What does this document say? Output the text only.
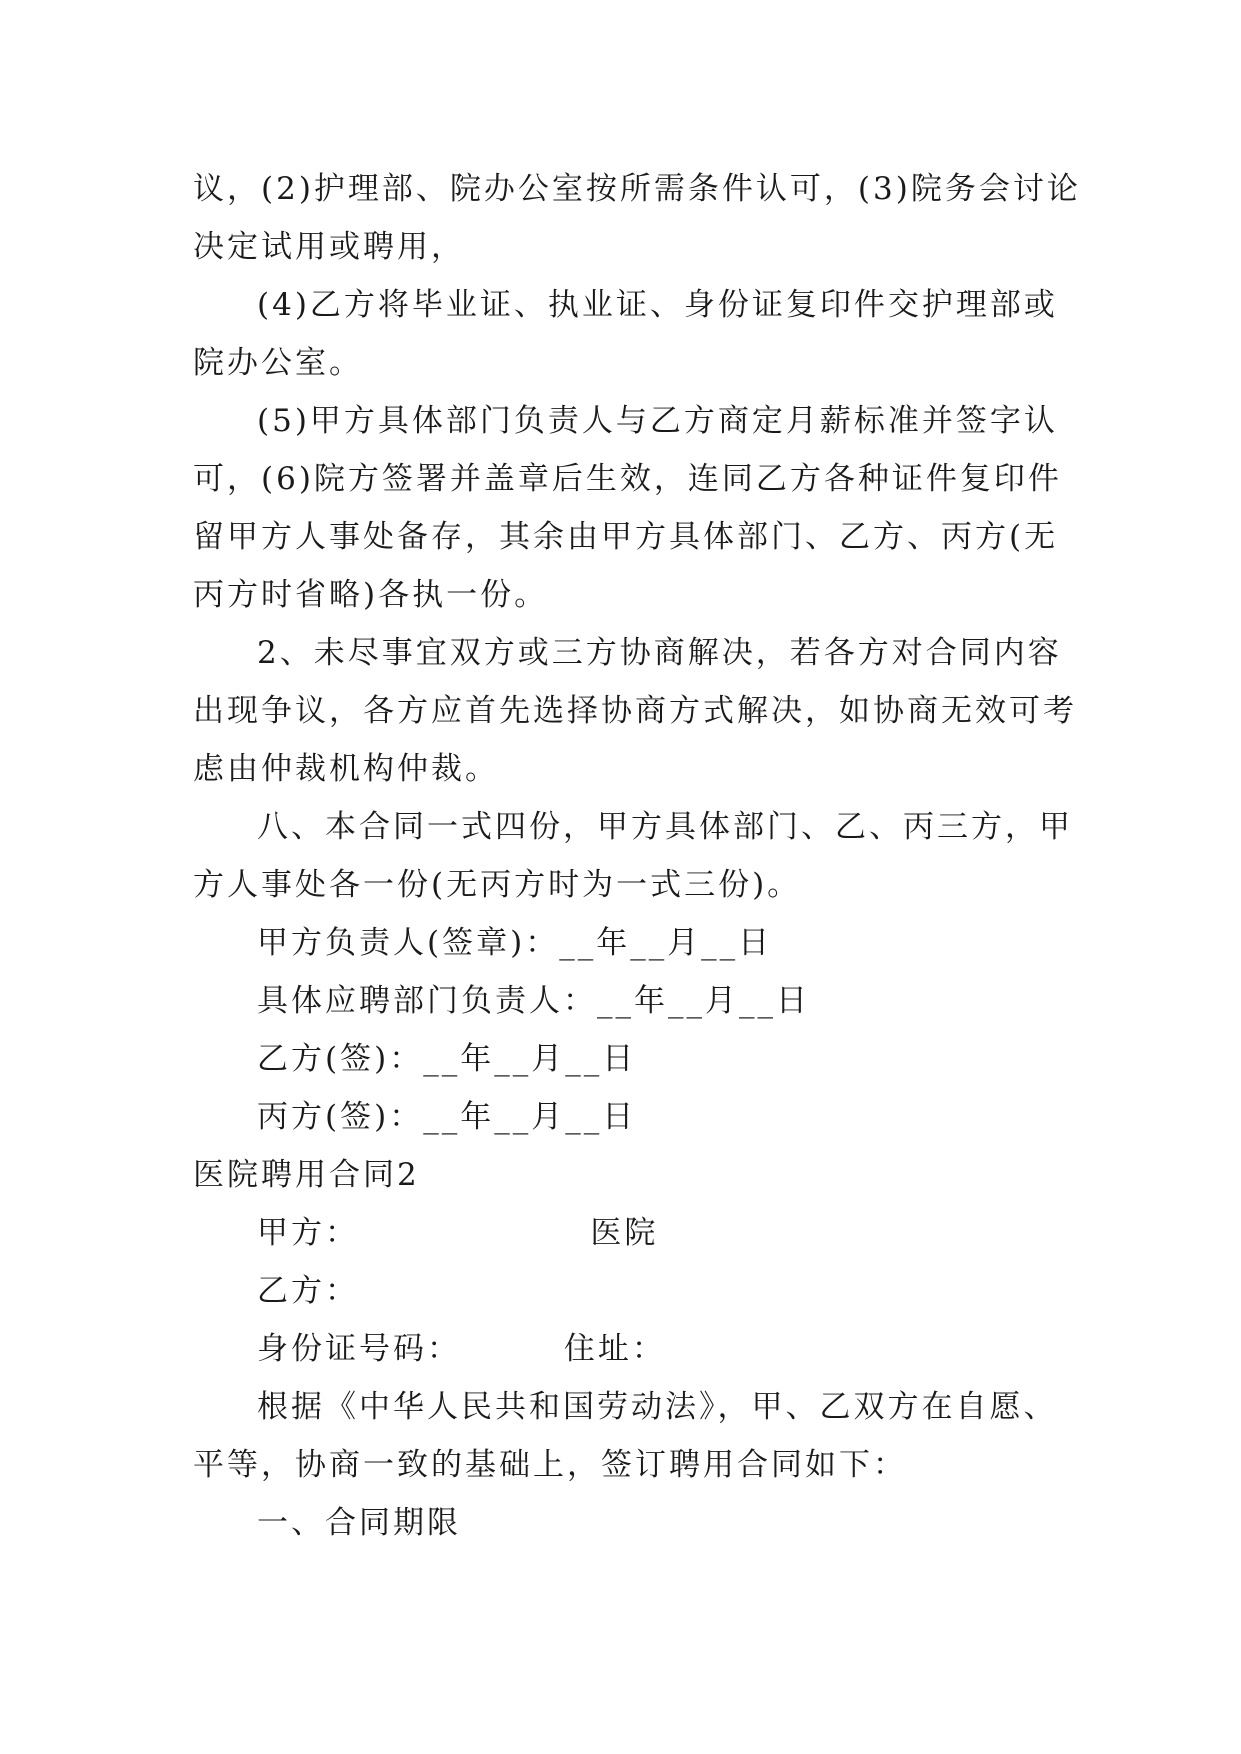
议，(2)护理部、院办公室按所需条件认可，(3)院务会讨论
决定试用或聘用，
(4)乙方将毕业证、执业证、身份证复印件交护理部或
院办公室。
(5)甲方具体部门负责人与乙方商定月薪标准并签字认
可，(6)院方签署并盖章后生效，连同乙方各种证件复印件
留甲方人事处备存，其余由甲方具体部门、乙方、丙方(无
丙方时省略)各执一份。
2、未尽事宜双方或三方协商解决，若各方对合同内容
出现争议，各方应首先选择协商方式解决，如协商无效可考
虑由仲裁机构仲裁。
八、本合同一式四份，甲方具体部门、乙、丙三方，甲
方人事处各一份(无丙方时为一式三份)。
甲方负责人(签章)：__年__月__日
具体应聘部门负责人：__年__月__日
乙方(签)：__年__月__日
丙方(签)：__年__月__日
医院聘用合同2
甲方：                  医院
乙方：
身份证号码：        住址：
根据《中华人民共和国劳动法》，甲、乙双方在自愿、
平等，协商一致的基础上，签订聘用合同如下：
一、合同期限
